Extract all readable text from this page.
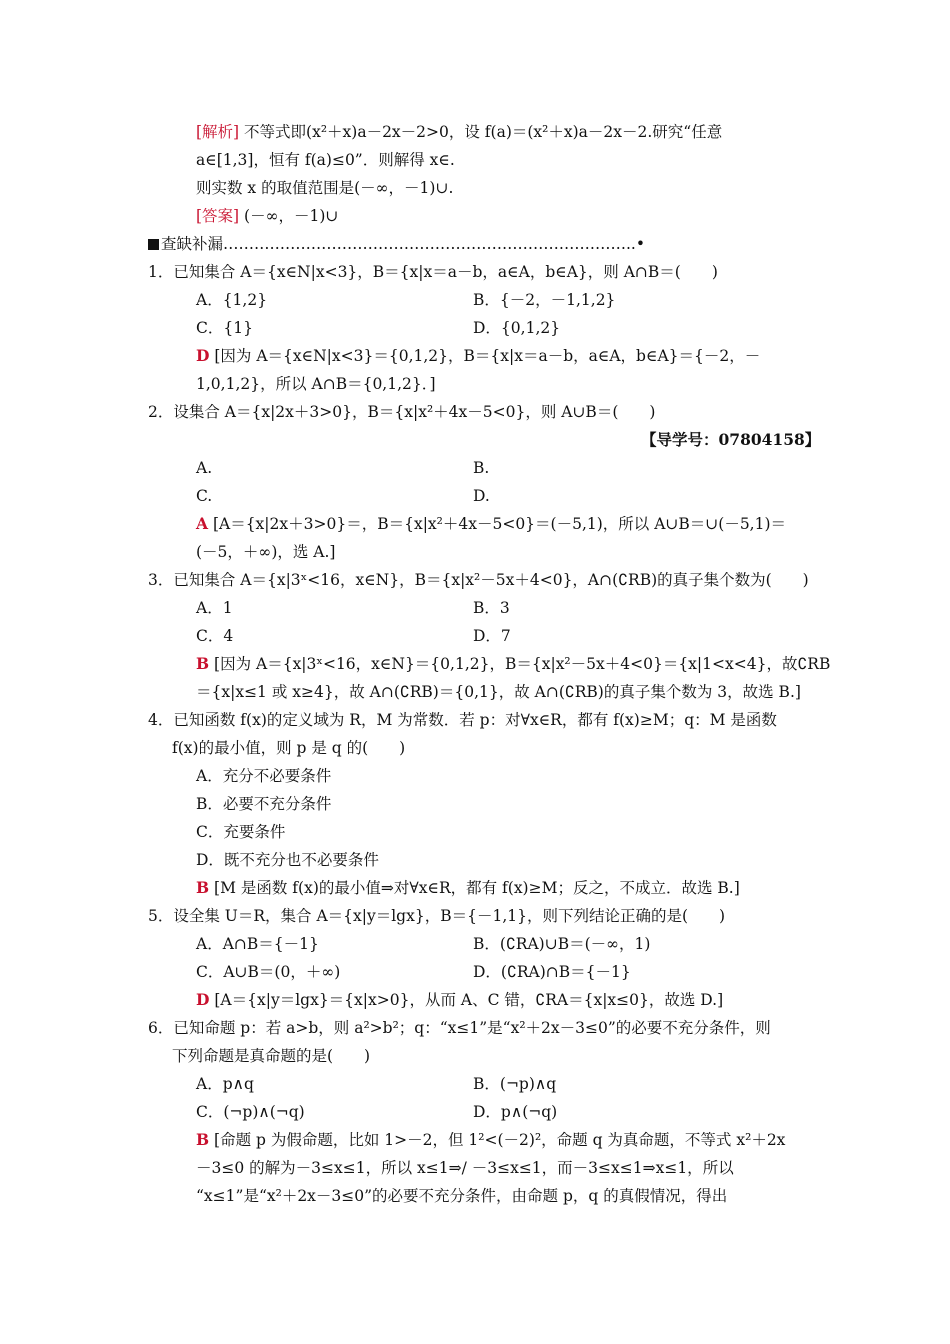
[解析] 不等式即(x²＋x)a－2x－2>0，设 f(a)＝(x²＋x)a－2x－2.研究“任意
a∈[1,3]，恒有 f(a)≤0”．则解得 x∈.
则实数 x 的取值范围是(－∞，－1)∪.
[答案] (－∞，－1)∪
查缺补漏……………………………………………………………………..•
1．已知集合 A＝{x∈N|x<3}，B＝{x|x＝a－b，a∈A，b∈A}，则 A∩B＝(　　)
A．{1,2}	B．{－2，－1,1,2}
C．{1}	D．{0,1,2}
D [因为 A＝{x∈N|x<3}＝{0,1,2}，B＝{x|x＝a－b，a∈A，b∈A}＝{－2，－
1,0,1,2}，所以 A∩B＝{0,1,2}．]
2．设集合 A＝{x|2x＋3>0}，B＝{x|x²＋4x－5<0}，则 A∪B＝(　　)
【导学号：07804158】
A.	B.
C.	D.
A [A＝{x|2x＋3>0}＝，B＝{x|x²＋4x－5<0}＝(－5,1)，所以 A∪B＝∪(－5,1)＝
(－5，＋∞)，选 A.]
3．已知集合 A＝{x|3ˣ<16，x∈N}，B＝{x|x²－5x＋4<0}，A∩(∁RB)的真子集个数为(　　)
A．1	B．3
C．4	D．7
B [因为 A＝{x|3ˣ<16，x∈N}＝{0,1,2}，B＝{x|x²－5x＋4<0}＝{x|1<x<4}，故∁RB
＝{x|x≤1 或 x≥4}，故 A∩(∁RB)＝{0,1}，故 A∩(∁RB)的真子集个数为 3，故选 B.]
4．已知函数 f(x)的定义域为 R，M 为常数．若 p：对∀x∈R，都有 f(x)≥M；q：M 是函数
f(x)的最小值，则 p 是 q 的(　　)
A．充分不必要条件
B．必要不充分条件
C．充要条件
D．既不充分也不必要条件
B [M 是函数 f(x)的最小值⇒对∀x∈R，都有 f(x)≥M；反之，不成立．故选 B.]
5．设全集 U＝R，集合 A＝{x|y＝lgx}，B＝{－1,1}，则下列结论正确的是(　　)
A．A∩B＝{－1}	B．(∁RA)∪B＝(－∞，1)
C．A∪B＝(0，＋∞)	D．(∁RA)∩B＝{－1}
D [A＝{x|y＝lgx}＝{x|x>0}，从而 A、C 错，∁RA＝{x|x≤0}，故选 D.]
6．已知命题 p：若 a>b，则 a²>b²；q：“x≤1”是“x²＋2x－3≤0”的必要不充分条件，则
下列命题是真命题的是(　　)
A．p∧q	B．(¬p)∧q
C．(¬p)∧(¬q)	D．p∧(¬q)
B [命题 p 为假命题，比如 1>－2，但 1²<(－2)²，命题 q 为真命题，不等式 x²＋2x
－3≤0 的解为－3≤x≤1，所以 x≤1⇒/ －3≤x≤1，而－3≤x≤1⇒x≤1，所以
“x≤1”是“x²＋2x－3≤0”的必要不充分条件，由命题 p，q 的真假情况，得出
